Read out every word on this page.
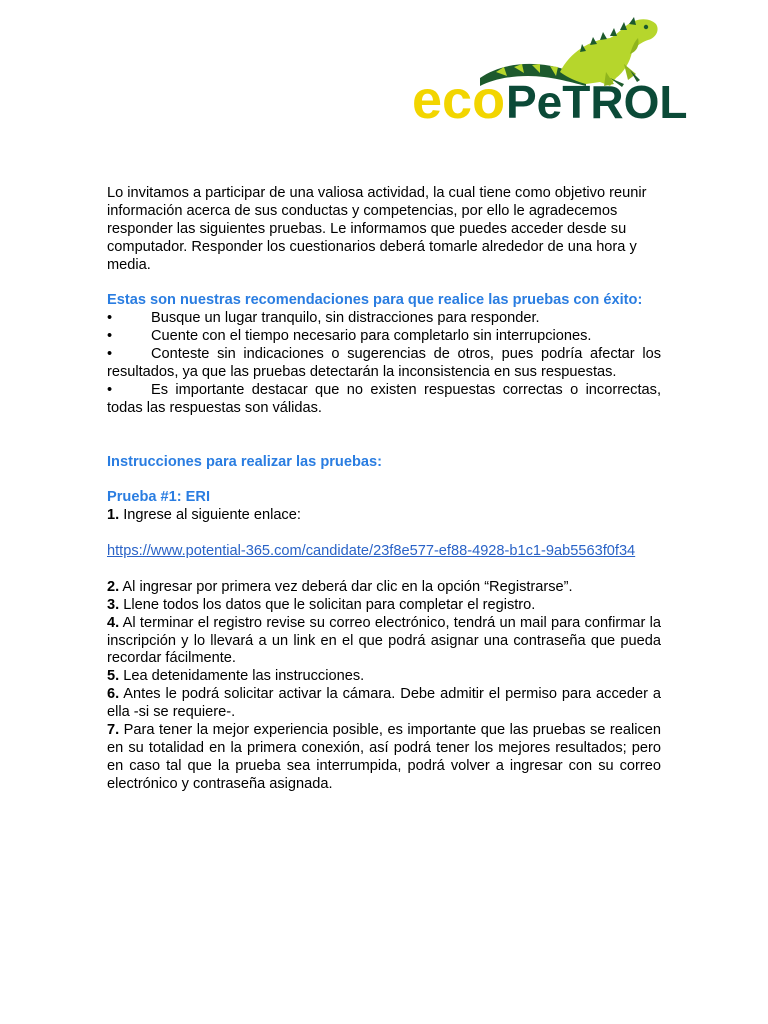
eco PeTROL

Lo invitamos a participar de una valiosa actividad, la cual tiene como objetivo reunir información acerca de sus conductas y competencias, por ello le agradecemos responder las siguientes pruebas. Le informamos que puedes acceder desde su computador. Responder los cuestionarios deberá tomarle alrededor de una hora y media.

Estas son nuestras recomendaciones para que realice las pruebas con éxito:

•	Busque un lugar tranquilo, sin distracciones para responder.

•	Cuente con el tiempo necesario para completarlo sin interrupciones.

•	Conteste sin indicaciones o sugerencias de otros, pues podría afectar los resultados, ya que las pruebas detectarán la inconsistencia en sus respuestas.

•	Es importante destacar que no existen respuestas correctas o incorrectas, todas las respuestas son válidas.

Instrucciones para realizar las pruebas:

Prueba #1: ERI

1. Ingrese al siguiente enlace:

https://www.potential-365.com/candidate/23f8e577-ef88-4928-b1c1-9ab5563f0f34

2. Al ingresar por primera vez deberá dar clic en la opción “Registrarse”.

3. Llene todos los datos que le solicitan para completar el registro.

4. Al terminar el registro revise su correo electrónico, tendrá un mail para confirmar la inscripción y lo llevará a un link en el que podrá asignar una contraseña que pueda recordar fácilmente.

5. Lea detenidamente las instrucciones.

6. Antes le podrá solicitar activar la cámara. Debe admitir el permiso para acceder a ella -si se requiere-.

7. Para tener la mejor experiencia posible, es importante que las pruebas se realicen en su totalidad en la primera conexión, así podrá tener los mejores resultados; pero en caso tal que la prueba sea interrumpida, podrá volver a ingresar con su correo electrónico y contraseña asignada.
